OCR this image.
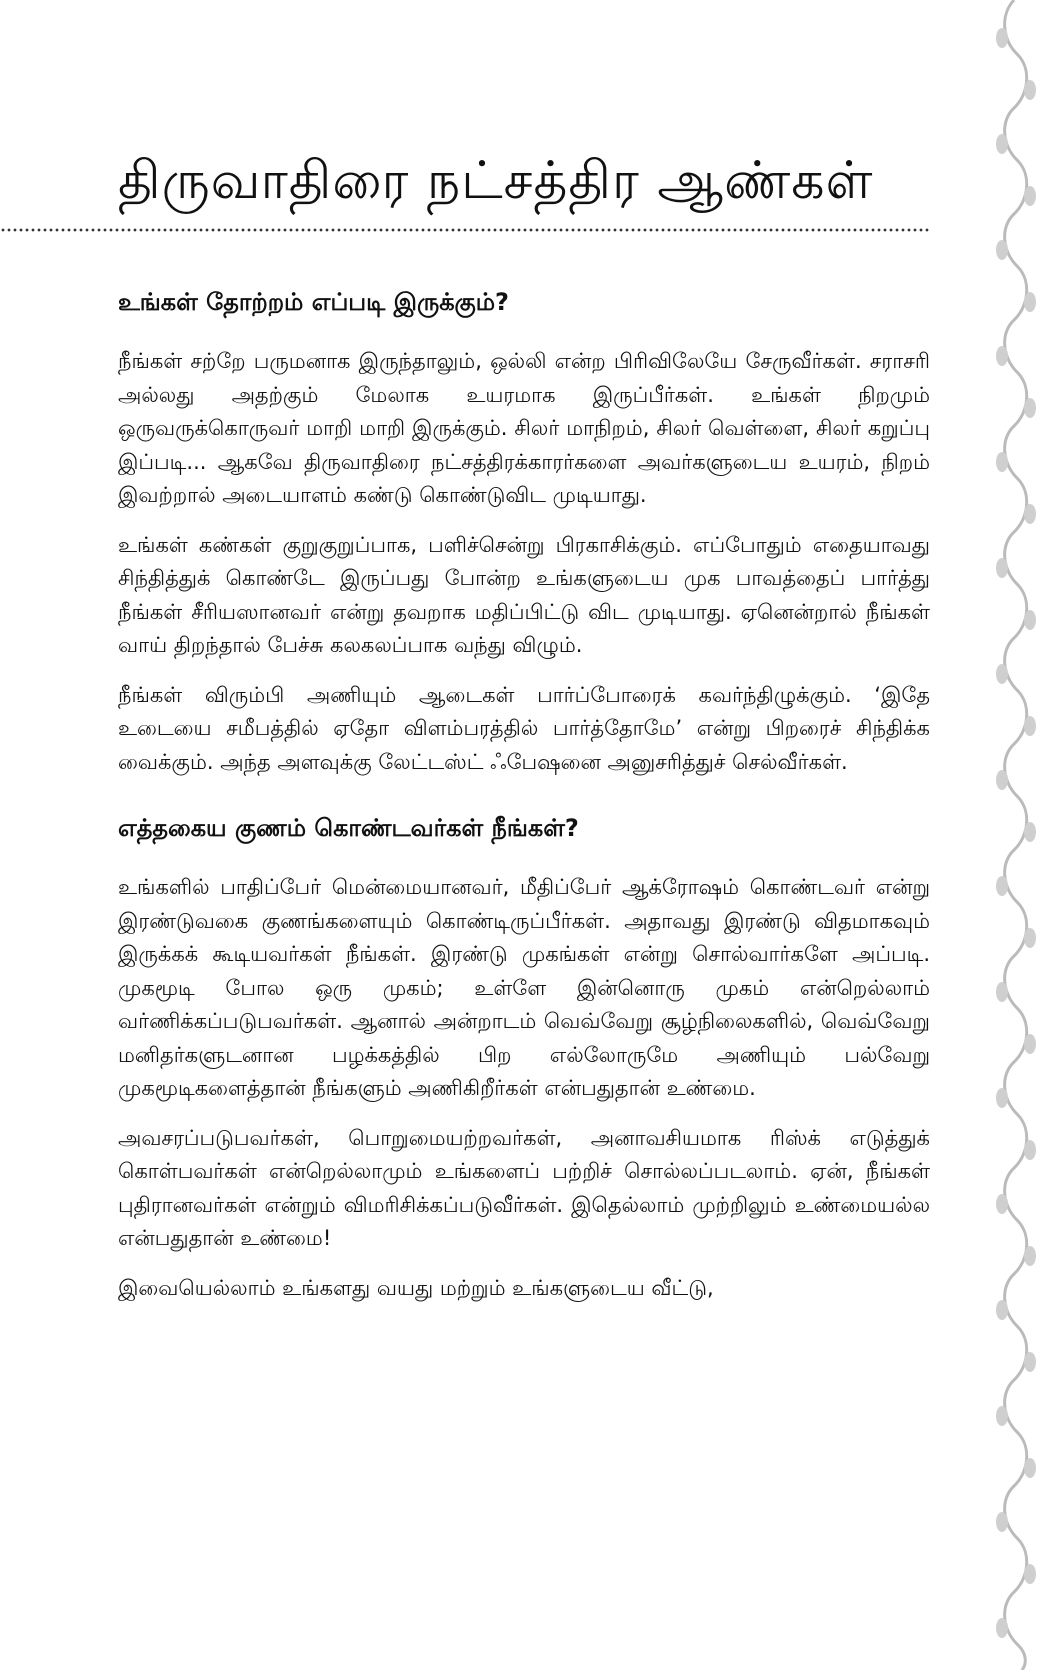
திருவாதிரை நட்சத்திர ஆண்கள்
உங்கள் தோற்றம் எப்படி இருக்கும்?

நீங்கள் சற்றே பருமனாக இருந்தாலும், ஒல்லி என்ற பிரிவிலேயே சேருவீர்கள். சராசரி அல்லது அதற்கும் மேலாக உயரமாக இருப்பீர்கள். உங்கள் நிறமும் ஒருவருக்கொருவர் மாறி மாறி இருக்கும். சிலர் மாநிறம், சிலர் வெள்ளை, சிலர் கறுப்பு இப்படி... ஆகவே திருவாதிரை நட்சத்திரக்காரர்களை அவர்களுடைய உயரம், நிறம் இவற்றால் அடையாளம் கண்டு கொண்டுவிட முடியாது.

உங்கள் கண்கள் குறுகுறுப்பாக, பளிச்சென்று பிரகாசிக்கும். எப்போதும் எதையாவது சிந்தித்துக் கொண்டே இருப்பது போன்ற உங்களுடைய முக பாவத்தைப் பார்த்து நீங்கள் சீரியஸானவர் என்று தவறாக மதிப்பிட்டு விட முடியாது. ஏனென்றால் நீங்கள் வாய் திறந்தால் பேச்சு கலகலப்பாக வந்து விழும்.

நீங்கள் விரும்பி அணியும் ஆடைகள் பார்ப்போரைக் கவர்ந்திழுக்கும். ‘இதே உடையை சமீபத்தில் ஏதோ விளம்பரத்தில் பார்த்தோமே’ என்று பிறரைச் சிந்திக்க வைக்கும். அந்த அளவுக்கு லேட்டஸ்ட் ஃபேஷனை அனுசரித்துச் செல்வீர்கள்.

எத்தகைய குணம் கொண்டவர்கள் நீங்கள்?

உங்களில் பாதிப்பேர் மென்மையானவர், மீதிப்பேர் ஆக்ரோஷம் கொண்டவர் என்று இரண்டுவகை குணங்களையும் கொண்டிருப்பீர்கள். அதாவது இரண்டு விதமாகவும் இருக்கக் கூடியவர்கள் நீங்கள். இரண்டு முகங்கள் என்று சொல்வார்களே அப்படி. முகமூடி போல ஒரு முகம்; உள்ளே இன்னொரு முகம் என்றெல்லாம் வர்ணிக்கப்படுபவர்கள். ஆனால் அன்றாடம் வெவ்வேறு சூழ்நிலைகளில், வெவ்வேறு மனிதர்களுடனான பழக்கத்தில் பிற எல்லோருமே அணியும் பல்வேறு முகமூடிகளைத்தான் நீங்களும் அணிகிறீர்கள் என்பதுதான் உண்மை.

அவசரப்படுபவர்கள், பொறுமையற்றவர்கள், அனாவசியமாக ரிஸ்க் எடுத்துக் கொள்பவர்கள் என்றெல்லாமும் உங்களைப் பற்றிச் சொல்லப்படலாம். ஏன், நீங்கள் புதிரானவர்கள் என்றும் விமரிசிக்கப்படுவீர்கள். இதெல்லாம் முற்றிலும் உண்மையல்ல என்பதுதான் உண்மை!

இவையெல்லாம் உங்களது வயது மற்றும் உங்களுடைய வீட்டு,
